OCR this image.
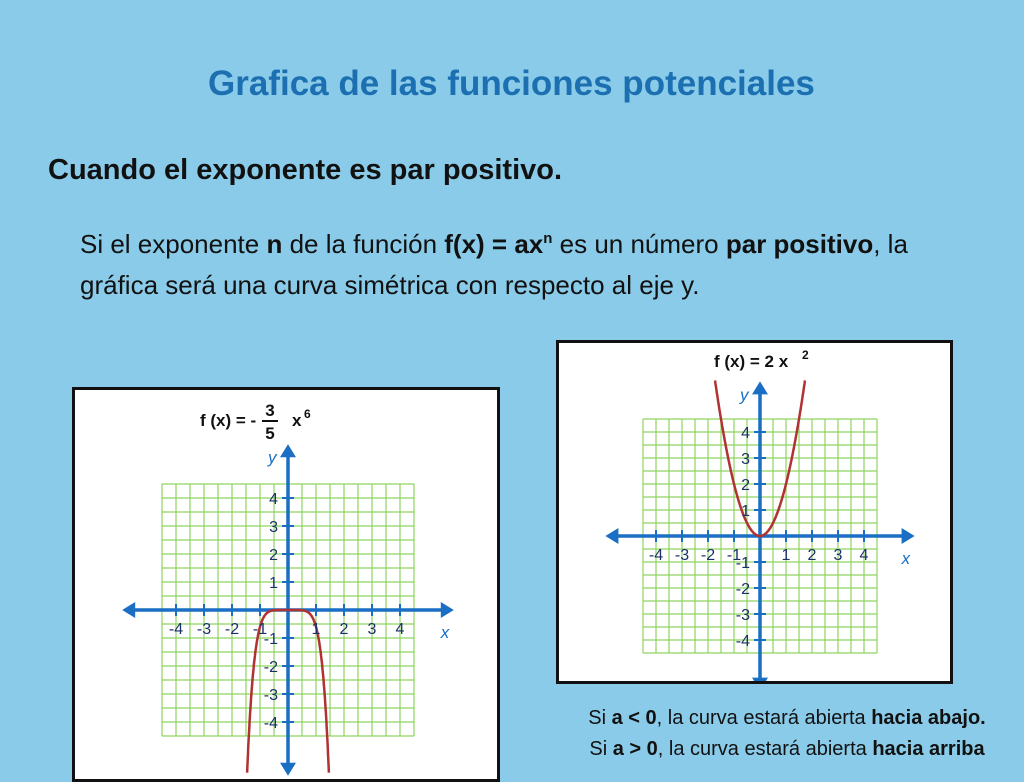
Grafica de las funciones potenciales
Cuando el exponente es par positivo.
Si el exponente n de la función $f(x) = ax^n$ es un número par positivo, la gráfica será una curva simétrica con respecto al eje y.
f (x) = -
3
5
x 6
-4 -3 -2 -1	1 2 3 4
-4
-3
-2
-1
1
2
3
4
x
y
f (x) = 2 x 2
-4 -3 -2 -1	1 2 3 4
-4
-3
-2
-1
1
2
3
4
x
y
Si a < 0, la curva estará abierta hacia abajo.
Si a > 0, la curva estará abierta hacia arriba
